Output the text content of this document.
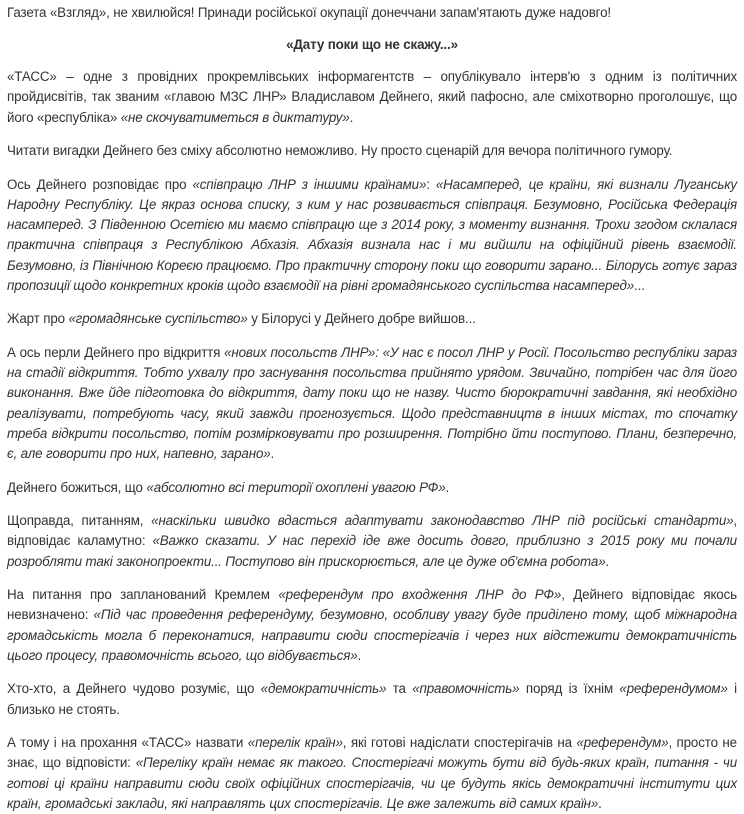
Газета «Взгляд», не хвилюйся! Принади російської окупації донеччани запам'ятають дуже надовго!

«Дату поки що не скажу...»

«ТАСС» – одне з провідних прокремлівських інформагентств – опублікувало інтерв'ю з одним із політичних пройдисвітів, так званим «главою МЗС ЛНР» Владиславом Дейнего, який пафосно, але сміхотворно проголошує, що його «республіка» «не скочуватиметься в диктатуру».

Читати вигадки Дейнего без сміху абсолютно неможливо. Ну просто сценарій для вечора політичного гумору.

Ось Дейнего розповідає про «співпрацю ЛНР з іншими країнами»: «Насамперед, це країни, які визнали Луганську Народну Республіку. Це якраз основа списку, з ким у нас розвивається співпраця. Безумовно, Російська Федерація насамперед. З Південною Осетією ми маємо співпрацю ще з 2014 року, з моменту визнання. Трохи згодом склалася практична співпраця з Республікою Абхазія. Абхазія визнала нас і ми вийшли на офіційний рівень взаємодії. Безумовно, із Північною Кореєю працюємо. Про практичну сторону поки що говорити зарано... Білорусь готує зараз пропозиції щодо конкретних кроків щодо взаємодії на рівні громадянського суспільства насамперед»...

Жарт про «громадянське суспільство» у Білорусі у Дейнего добре вийшов...

А ось перли Дейнего про відкриття «нових посольств ЛНР»: «У нас є посол ЛНР у Росії. Посольство республіки зараз на стадії відкриття. Тобто ухвалу про заснування посольства прийнято урядом. Звичайно, потрібен час для його виконання. Вже йде підготовка до відкриття, дату поки що не назву. Чисто бюрократичні завдання, які необхідно реалізувати, потребують часу, який завжди прогнозується. Щодо представництв в інших містах, то спочатку треба відкрити посольство, потім розмірковувати про розширення. Потрібно йти поступово. Плани, безперечно, є, але говорити про них, напевно, зарано».

Дейнего божиться, що «абсолютно всі території охоплені увагою РФ».

Щоправда, питанням, «наскільки швидко вдасться адаптувати законодавство ЛНР під російські стандарти», відповідає каламутно: «Важко сказати. У нас перехід іде вже досить довго, приблизно з 2015 року ми почали розробляти такі законопроекти... Поступово він прискорюється, але це дуже об'ємна робота».

На питання про запланований Кремлем «референдум про входження ЛНР до РФ», Дейнего відповідає якось невизначено: «Під час проведення референдуму, безумовно, особливу увагу буде приділено тому, щоб міжнародна громадськість могла б переконатися, направити сюди спостерігачів і через них відстежити демократичність цього процесу, правомочність всього, що відбувається».

Хто-хто, а Дейнего чудово розуміє, що «демократичність» та «правомочність» поряд із їхнім «референдумом» і близько не стоять.

А тому і на прохання «ТАСС» назвати «перелік країн», які готові надіслати спостерігачів на «референдум», просто не знає, що відповісти: «Переліку країн немає як такого. Спостерігачі можуть бути від будь-яких країн, питання - чи готові ці країни направити сюди своїх офіційних спостерігачів, чи це будуть якісь демократичні інститути цих країн, громадські заклади, які направлять цих спостерігачів. Це вже залежить від самих країн».
